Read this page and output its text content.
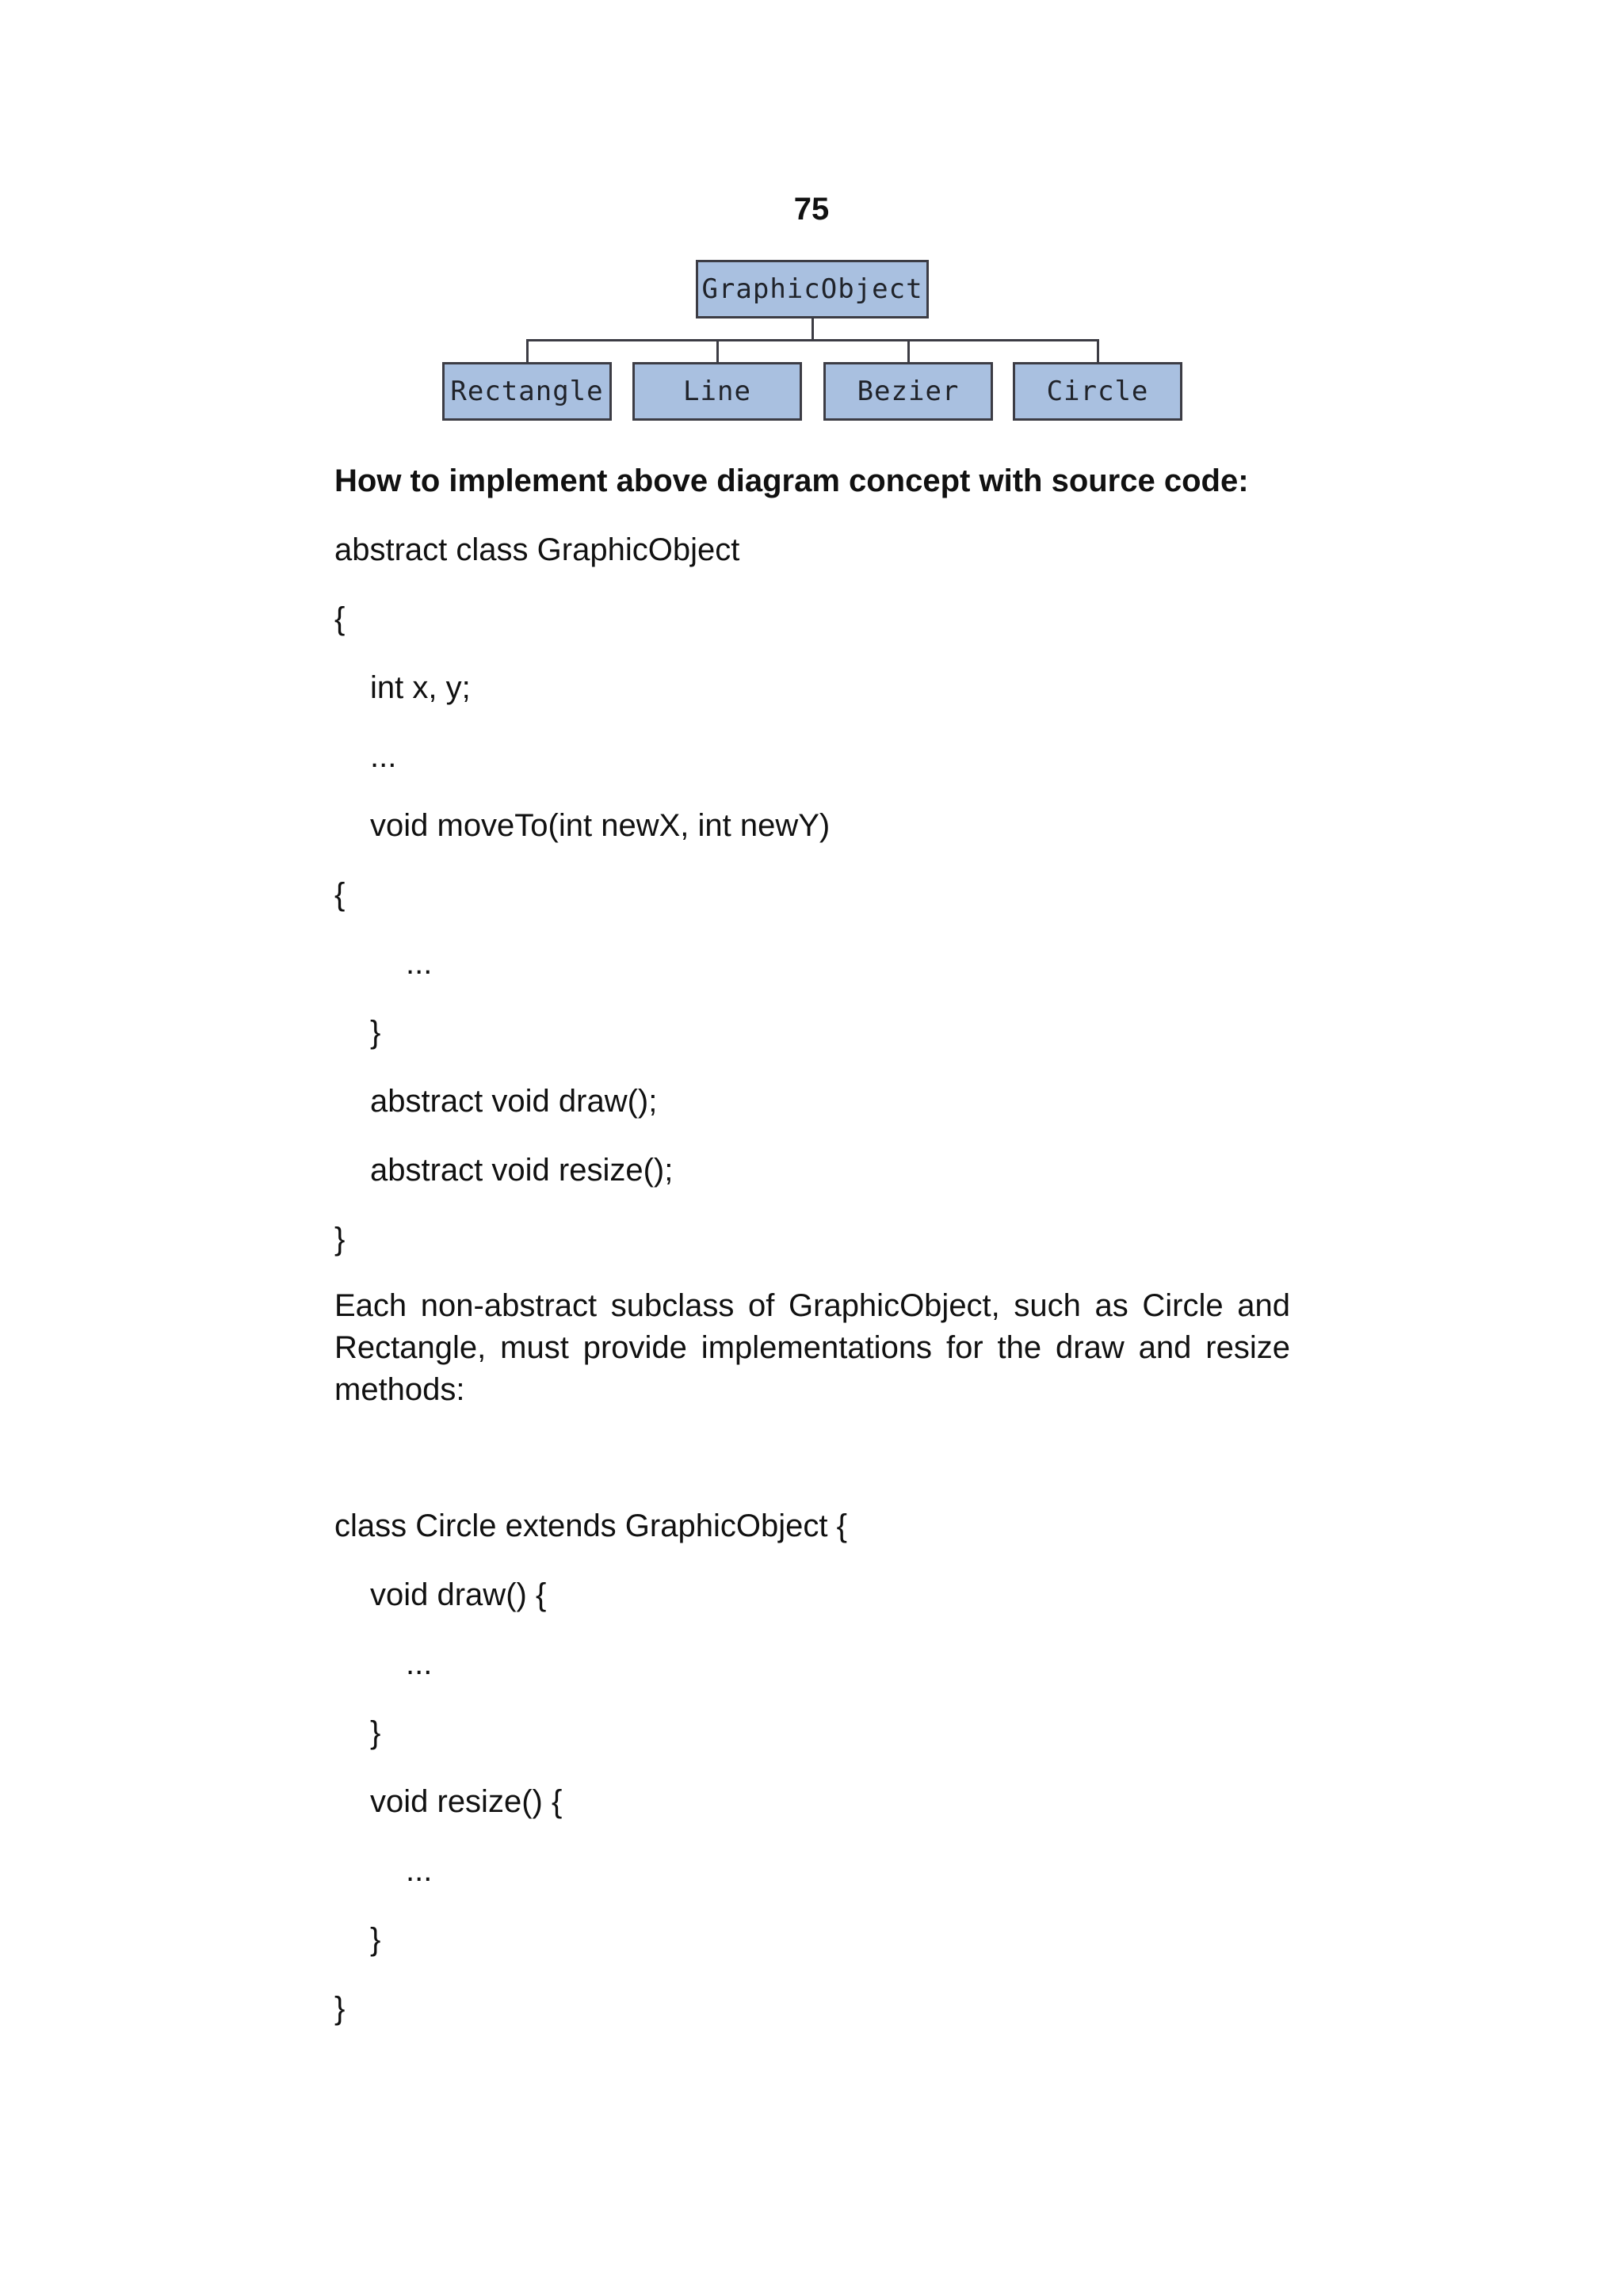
75
GraphicObject
Rectangle	Line	Bezier	Circle
How to implement above diagram concept with source code:
abstract class GraphicObject
{
int x, y;
...
void moveTo(int newX, int newY)
{
...
}
abstract void draw();
abstract void resize();
}
Each non-abstract subclass of GraphicObject, such as Circle and Rectangle, must provide implementations for the draw and resize methods:
class Circle extends GraphicObject {
void draw() {
...
}
void resize() {
...
}
}
